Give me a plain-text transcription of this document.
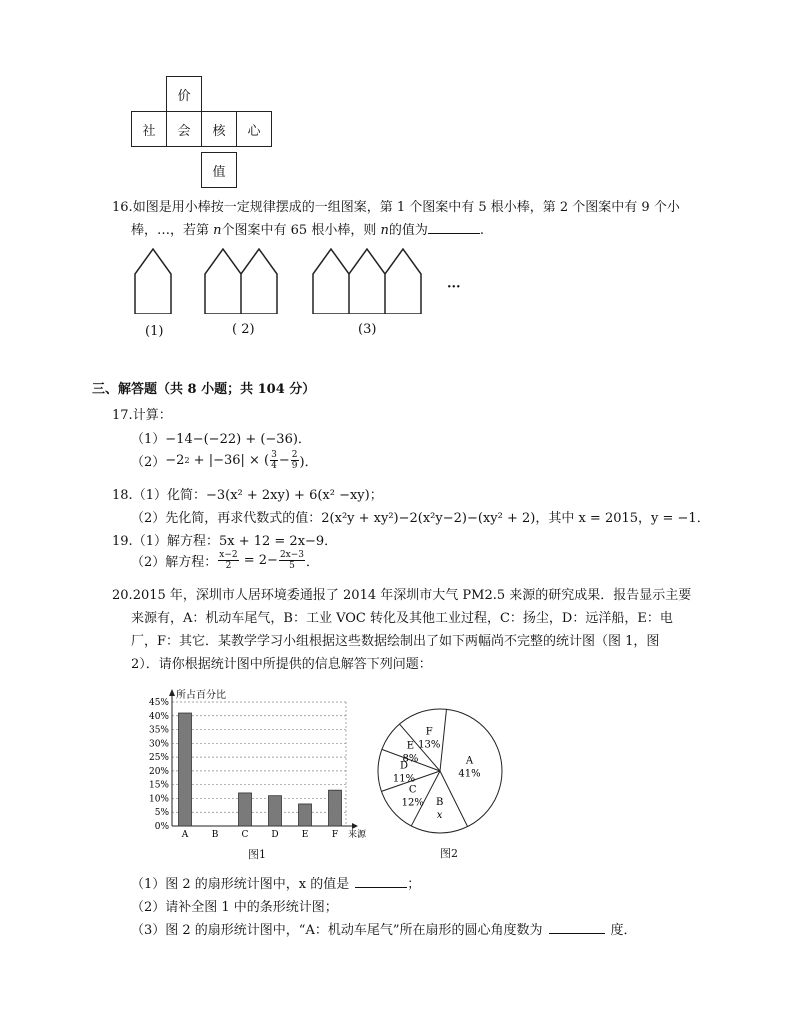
价
社	会	核	心
值
16.如图是用小棒按一定规律摆成的一组图案，第 1 个图案中有 5 根小棒，第 2 个图案中有 9 个小
棒，…，若第 n个图案中有 65 根小棒，则 n的值为	.
(1)	( 2)	(3)
···
三、解答题（共 8 小题；共 104 分）
17.计算：
（1）−14−(−22) + (−36)．
（2） −2 2 + |−36| × ( $\frac{3}{4} - \frac{2}{9}$ )．
18.（1）化简：−3(x² + 2xy) + 6(x² −xy)；
（2）先化简，再求代数式的值：2(x²y + xy²)−2(x²y−2)−(xy² + 2)，其中 x = 2015，y = −1．
19.（1）解方程：5x + 12 = 2x−9．
（2）解方程： $\frac{x-2}{2} = 2- \frac{2x-3}{5}$ ．
20.2015 年，深圳市人居环境委通报了 2014 年深圳市大气 PM2.5 来源的研究成果．报告显示主要
来源有，A：机动车尾气，B：工业 VOC 转化及其他工业过程，C：扬尘，D：远洋船，E：电
厂，F：其它．某教学学习小组根据这些数据绘制出了如下两幅尚不完整的统计图（图 1，图
2）．请你根据统计图中所提供的信息解答下列问题：
0%
5%
10%
15%
20%
25%
30%
35%
40%
45%
所占百分比
来源
A	B	C	D	E	F
图1
A
41%
B
x
C
12%
D
11%
E
8%
F
13%
图2
（1）图 2 的扇形统计图中，x 的值是	；
（2）请补全图 1 中的条形统计图；
（3）图 2 的扇形统计图中，“A：机动车尾气”所在扇形的圆心角度数为	度．
